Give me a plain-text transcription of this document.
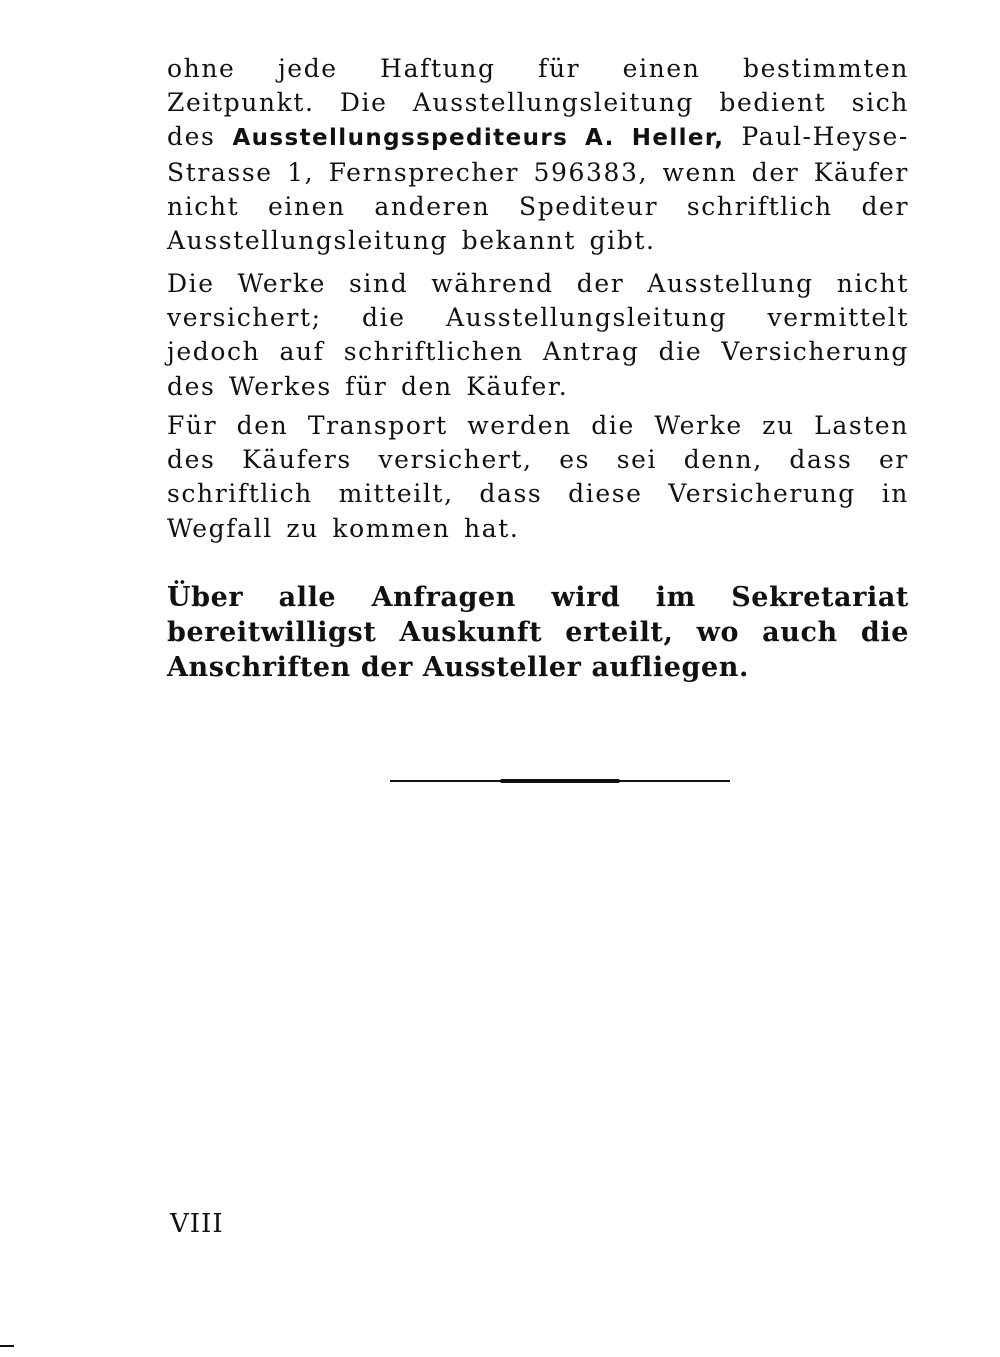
ohne jede Haftung für einen bestimmten Zeitpunkt. Die Ausstellungsleitung bedient sich des Ausstellungsspediteurs A. Heller, Paul-Heyse-Strasse 1, Fernsprecher 596383, wenn der Käufer nicht einen anderen Spediteur schriftlich der Ausstellungsleitung bekannt gibt.

Die Werke sind während der Ausstellung nicht versichert; die Ausstellungsleitung vermittelt jedoch auf schriftlichen Antrag die Versicherung des Werkes für den Käufer.

Für den Transport werden die Werke zu Lasten des Käufers versichert, es sei denn, dass er schriftlich mitteilt, dass diese Versicherung in Wegfall zu kommen hat.

Über alle Anfragen wird im Sekretariat bereitwilligst Auskunft erteilt, wo auch die Anschriften der Aussteller aufliegen.

VIII
